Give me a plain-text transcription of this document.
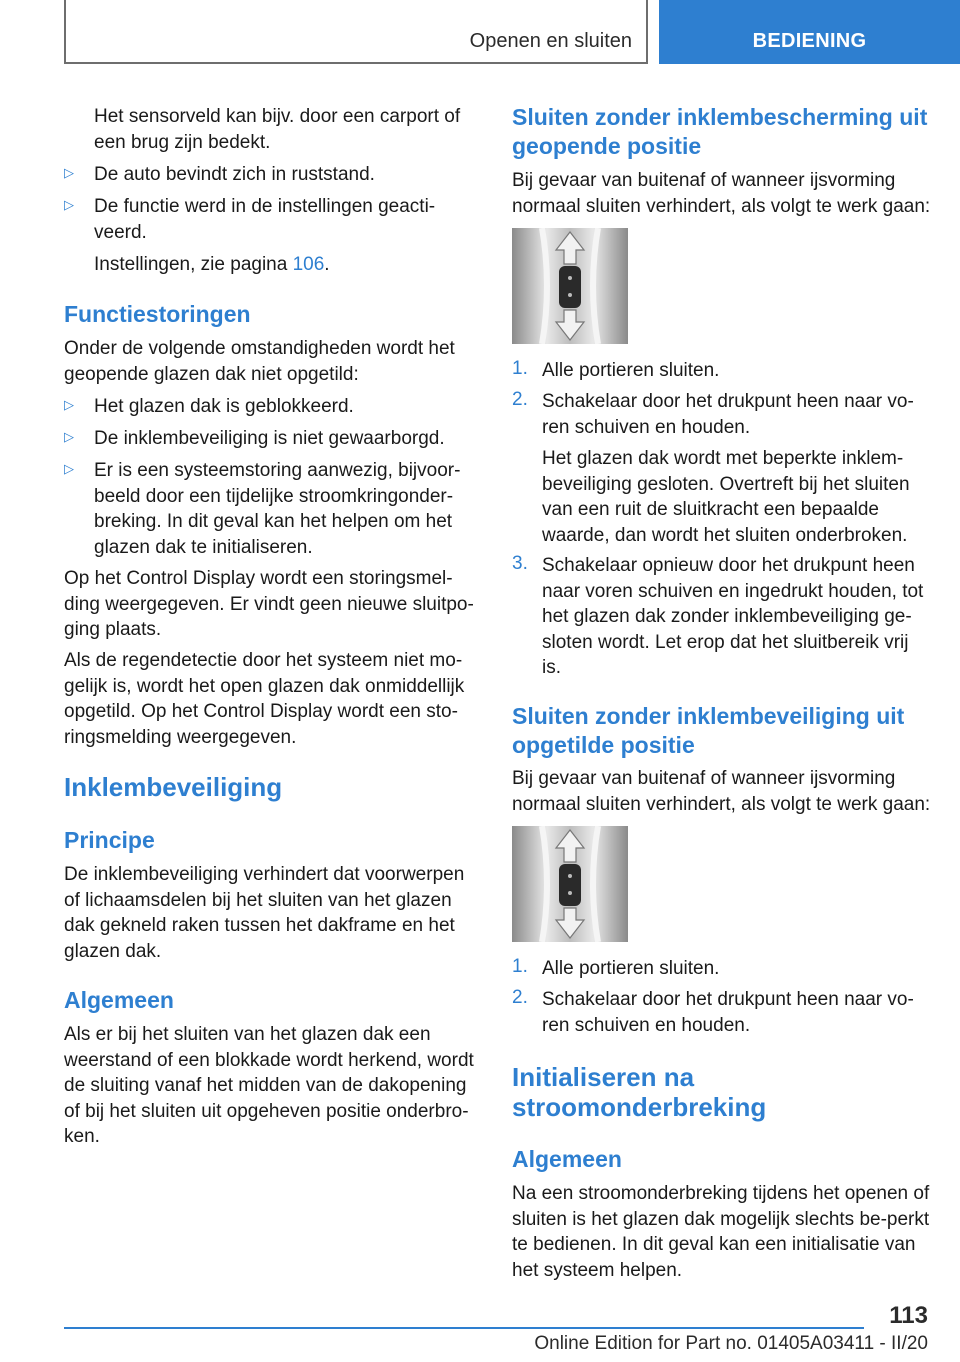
Openen en sluiten	BEDIENING

Het sensorveld kan bijv. door een carport of een brug zijn bedekt.

▷ De auto bevindt zich in ruststand.

▷ De functie werd in de instellingen geacti-veerd.

Instellingen, zie pagina 106.

Functiestoringen

Onder de volgende omstandigheden wordt het geopende glazen dak niet opgetild:

▷ Het glazen dak is geblokkeerd.

▷ De inklembeveiliging is niet gewaarborgd.

▷ Er is een systeemstoring aanwezig, bijvoor-beeld door een tijdelijke stroomkringonder-breking. In dit geval kan het helpen om het glazen dak te initialiseren.

Op het Control Display wordt een storingsmel-ding weergegeven. Er vindt geen nieuwe sluitpo-ging plaats.

Als de regendetectie door het systeem niet mo-gelijk is, wordt het open glazen dak onmiddellijk opgetild. Op het Control Display wordt een sto-ringsmelding weergegeven.

Inklembeveiliging
Principe

De inklembeveiliging verhindert dat voorwerpen of lichaamsdelen bij het sluiten van het glazen dak gekneld raken tussen het dakframe en het glazen dak.

Algemeen

Als er bij het sluiten van het glazen dak een weerstand of een blokkade wordt herkend, wordt de sluiting vanaf het midden van de dakopening of bij het sluiten uit opgeheven positie onderbro-ken.

Sluiten zonder inklembescherming uit geopende positie

Bij gevaar van buitenaf of wanneer ijsvorming normaal sluiten verhindert, als volgt te werk gaan:

1. Alle portieren sluiten.

2. Schakelaar door het drukpunt heen naar vo-ren schuiven en houden.

Het glazen dak wordt met beperkte inklem-beveiliging gesloten. Overtreft bij het sluiten van een ruit de sluitkracht een bepaalde waarde, dan wordt het sluiten onderbroken.

3. Schakelaar opnieuw door het drukpunt heen naar voren schuiven en ingedrukt houden, tot het glazen dak zonder inklembeveiliging ge-sloten wordt. Let erop dat het sluitbereik vrij is.

Sluiten zonder inklembeveiliging uit opgetilde positie

Bij gevaar van buitenaf of wanneer ijsvorming normaal sluiten verhindert, als volgt te werk gaan:

1. Alle portieren sluiten.

2. Schakelaar door het drukpunt heen naar vo-ren schuiven en houden.

Initialiseren na stroomonderbreking
Algemeen

Na een stroomonderbreking tijdens het openen of sluiten is het glazen dak mogelijk slechts be-perkt te bedienen. In dit geval kan een initialisatie van het systeem helpen.

113
Online Edition for Part no. 01405A03411 - II/20
